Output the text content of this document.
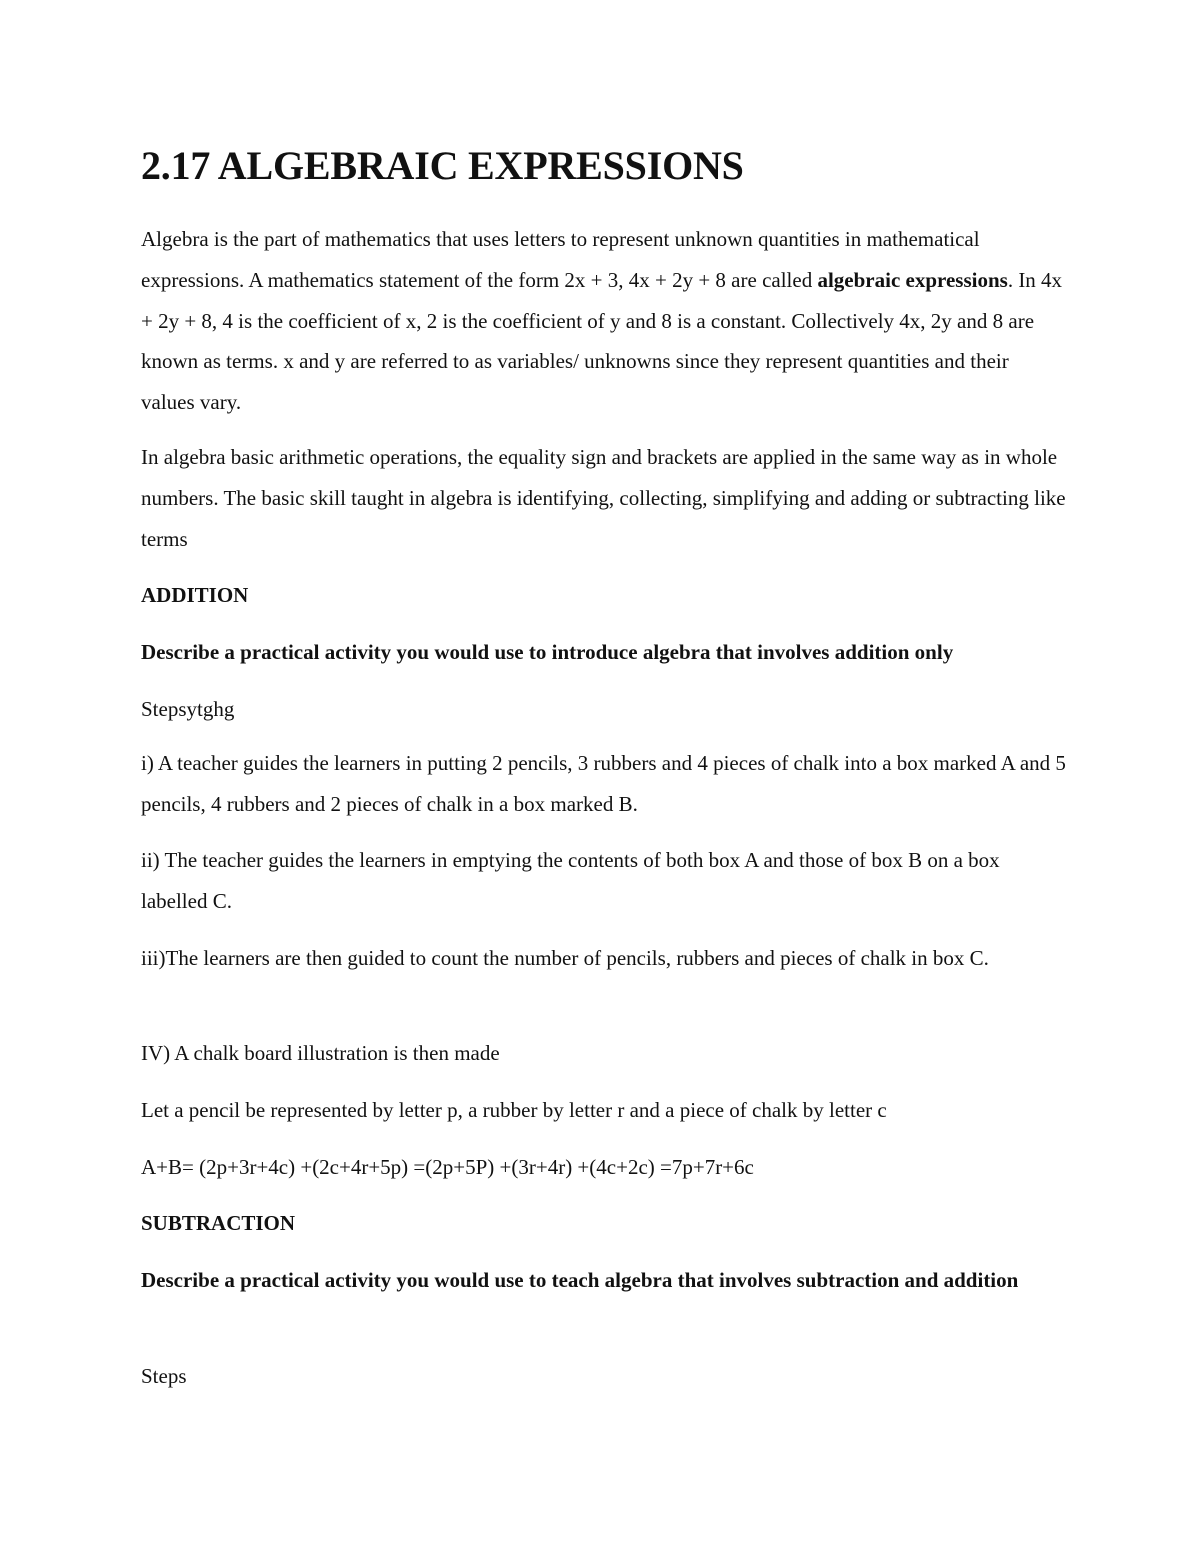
2.17 ALGEBRAIC EXPRESSIONS

Algebra is the part of mathematics that uses letters to represent unknown quantities in mathematical expressions. A mathematics statement of the form 2x + 3, 4x + 2y + 8 are called algebraic expressions. In 4x + 2y + 8, 4 is the coefficient of x, 2 is the coefficient of y and 8 is a constant. Collectively 4x, 2y and 8 are known as terms. x and y are referred to as variables/ unknowns since they represent quantities and their values vary.

In algebra basic arithmetic operations, the equality sign and brackets are applied in the same way as in whole numbers. The basic skill taught in algebra is identifying, collecting, simplifying and adding or subtracting like terms

ADDITION

Describe a practical activity you would use to introduce algebra that involves addition only

Stepsytghg

i) A teacher guides the learners in putting 2 pencils, 3 rubbers and 4 pieces of chalk into a box marked A and 5 pencils, 4 rubbers and 2 pieces of chalk in a box marked B.

ii) The teacher guides the learners in emptying the contents of both box A and those of box B on a box labelled C.

iii)The learners are then guided to count the number of pencils, rubbers and pieces of chalk in box C.

IV) A chalk board illustration is then made

Let a pencil be represented by letter p, a rubber by letter r and a piece of chalk by letter c

A+B= (2p+3r+4c) +(2c+4r+5p) =(2p+5P) +(3r+4r) +(4c+2c) =7p+7r+6c

SUBTRACTION

Describe a practical activity you would use to teach algebra that involves subtraction and addition

Steps
